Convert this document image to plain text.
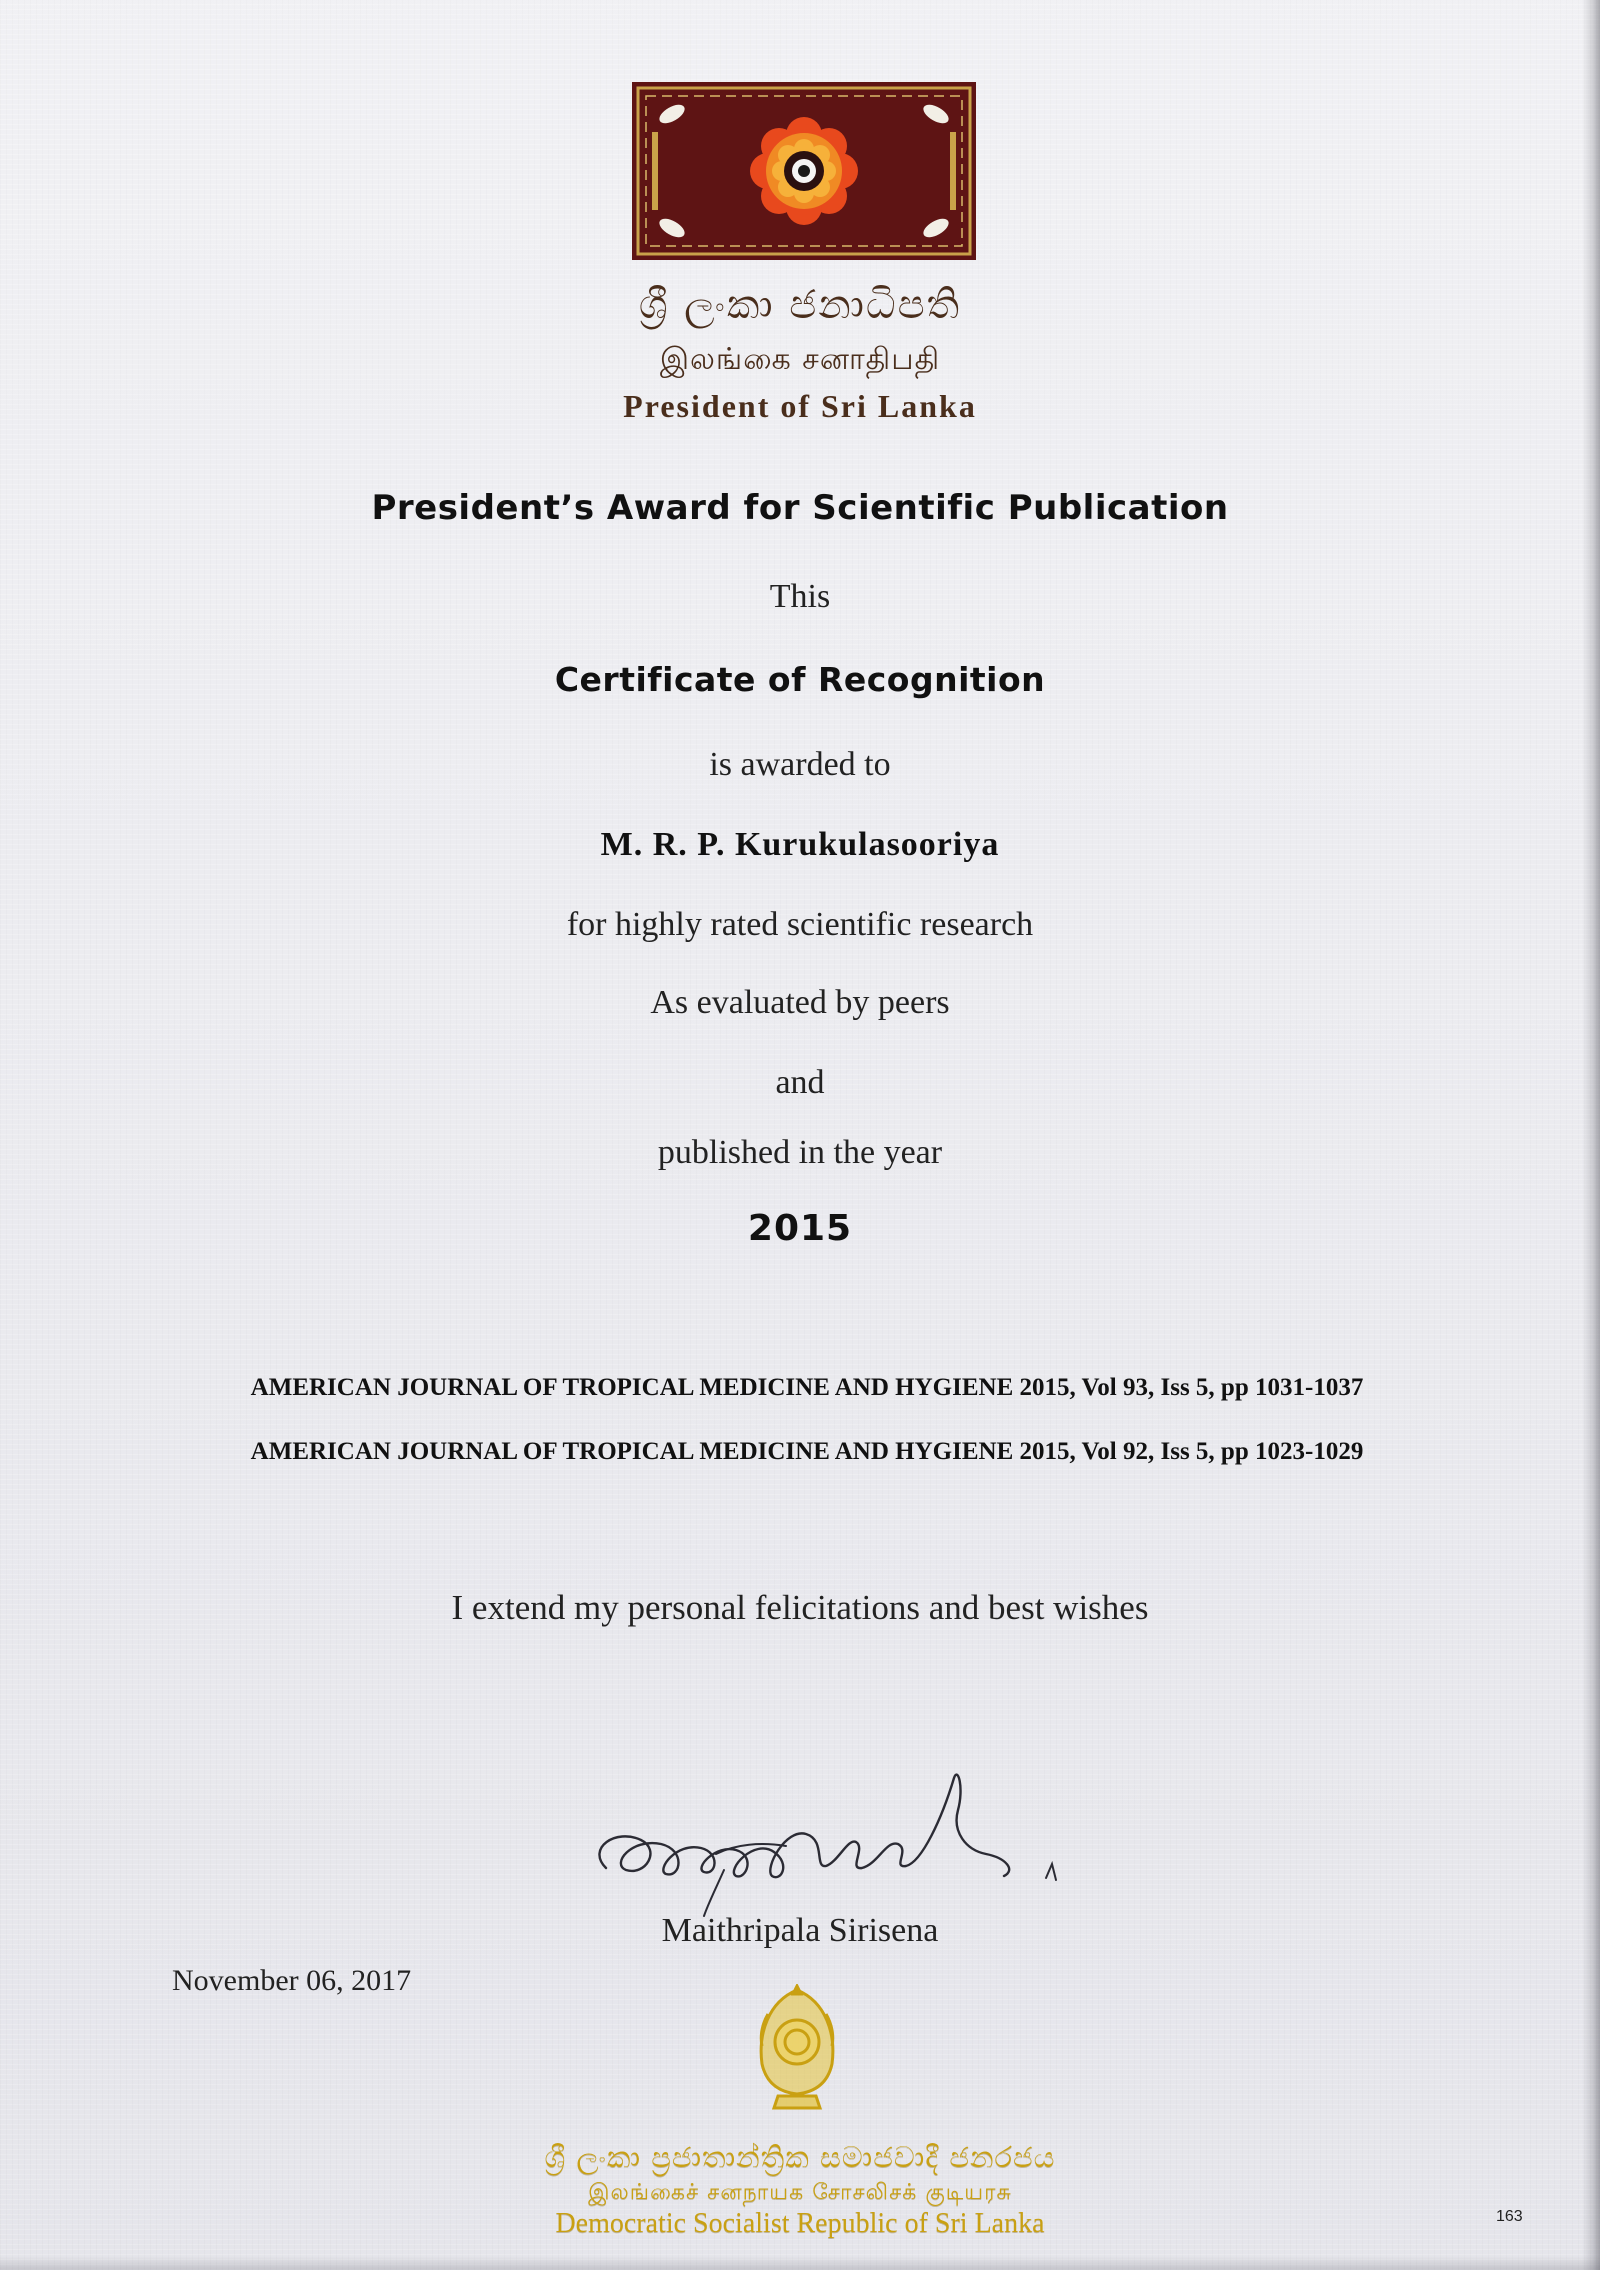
ශ්‍රී ලංකා ජනාධිපති
இலங்கை சனாதிபதி
President of Sri Lanka
President’s Award for Scientific Publication
This
Certificate of Recognition
is awarded to
M. R. P. Kurukulasooriya
for highly rated scientific research
As evaluated by peers
and
published in the year
2015
AMERICAN JOURNAL OF TROPICAL MEDICINE AND HYGIENE 2015, Vol 93, Iss 5, pp 1031-1037
AMERICAN JOURNAL OF TROPICAL MEDICINE AND HYGIENE 2015, Vol 92, Iss 5, pp 1023-1029
I extend my personal felicitations and best wishes
Maithripala Sirisena
November 06, 2017
ශ්‍රී ලංකා ප්‍රජාතාන්ත්‍රික සමාජවාදී ජනරජය
இலங்கைச் சனநாயக சோசலிசக் குடியரசு
Democratic Socialist Republic of Sri Lanka	163
